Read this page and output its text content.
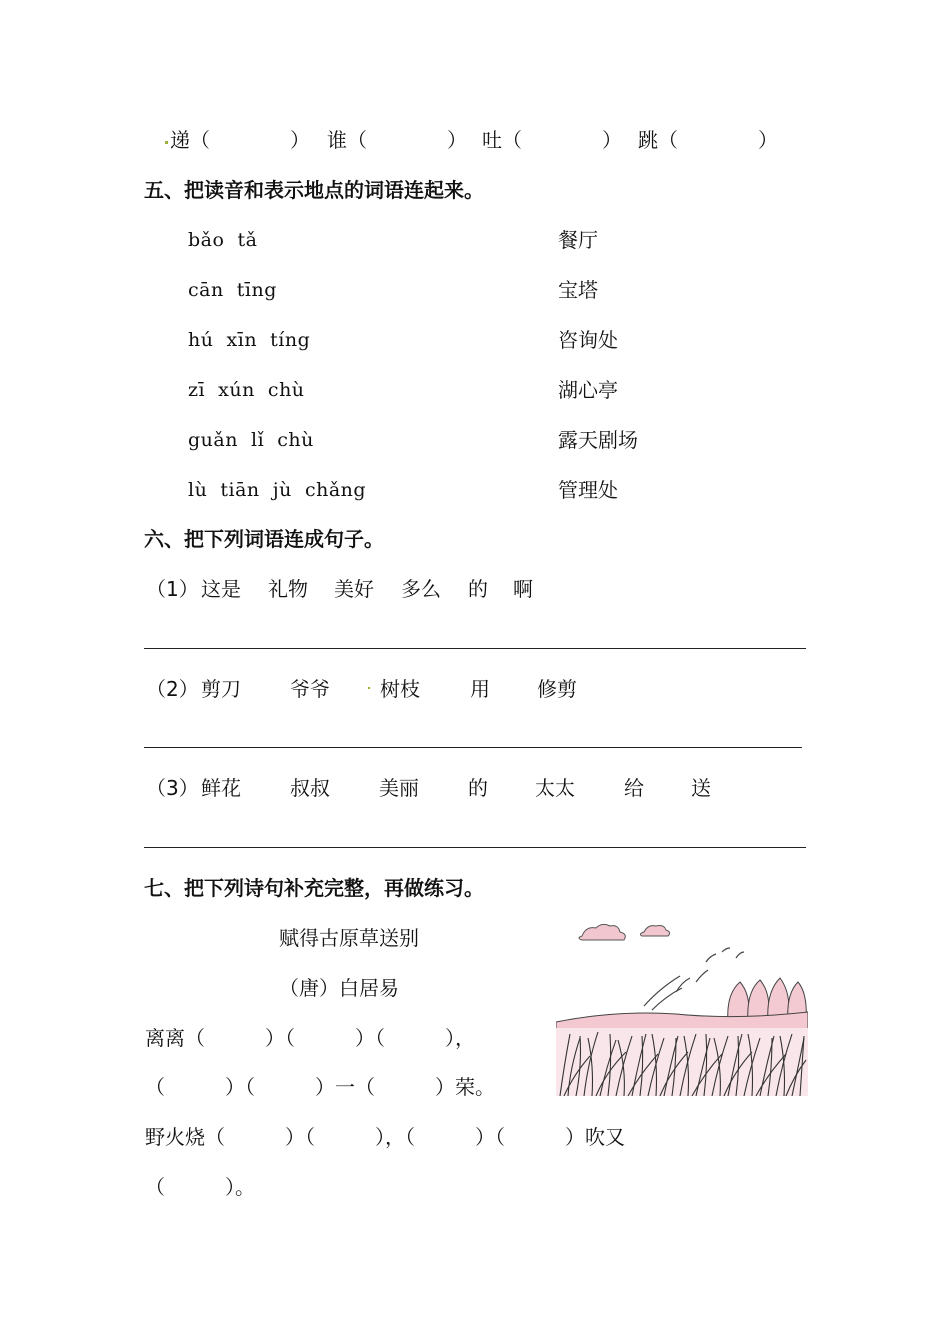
递（　　　　） 谁（　　　　） 吐（　　　　） 跳（　　　　）
五、把读音和表示地点的词语连起来。
bǎo  tǎ
cān  tīng
hú  xīn  tíng
zī  xún  chù
guǎn  lǐ  chù
lù  tiān  jù  chǎng
餐厅
宝塔
咨询处
湖心亭
露天剧场
管理处
六、把下列词语连成句子。
（1） 这是 礼物 美好 多么 的 啊
（2） 剪刀 爷爷	树枝	用 修剪
（3） 鲜花 叔叔 美丽 的 太太 给 送
七、把下列诗句补充完整，再做练习。
赋得古原草送别
（唐）白居易
离离（　　　）（　　　）（　　　），
（　　　）（　　　）一（　　　）荣。
野火烧（　　　）（　　　），（　　　）（　　　）吹又
（　　　）。
